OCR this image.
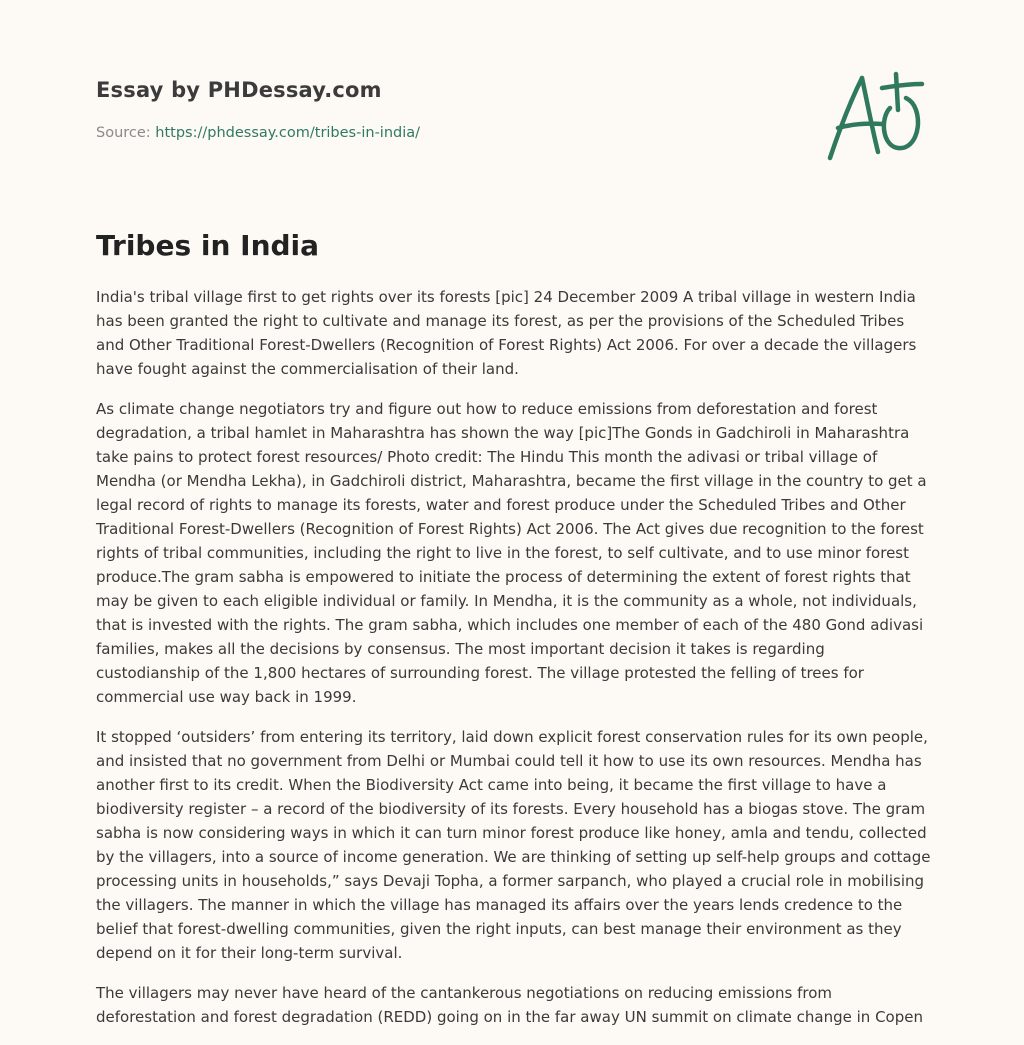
Essay by PHDessay.com
Source: https://phdessay.com/tribes-in-india/
Tribes in India

India's tribal village first to get rights over its forests [pic] 24 December 2009 A tribal village in western India has been granted the right to cultivate and manage its forest, as per the provisions of the Scheduled Tribes and Other Traditional Forest-Dwellers (Recognition of Forest Rights) Act 2006. For over a decade the villagers have fought against the commercialisation of their land.

As climate change negotiators try and figure out how to reduce emissions from deforestation and forest degradation, a tribal hamlet in Maharashtra has shown the way [pic]The Gonds in Gadchiroli in Maharashtra take pains to protect forest resources/ Photo credit: The Hindu This month the adivasi or tribal village of Mendha (or Mendha Lekha), in Gadchiroli district, Maharashtra, became the first village in the country to get a legal record of rights to manage its forests, water and forest produce under the Scheduled Tribes and Other Traditional Forest-Dwellers (Recognition of Forest Rights) Act 2006. The Act gives due recognition to the forest rights of tribal communities, including the right to live in the forest, to self cultivate, and to use minor forest produce.The gram sabha is empowered to initiate the process of determining the extent of forest rights that may be given to each eligible individual or family. In Mendha, it is the community as a whole, not individuals, that is invested with the rights. The gram sabha, which includes one member of each of the 480 Gond adivasi families, makes all the decisions by consensus. The most important decision it takes is regarding custodianship of the 1,800 hectares of surrounding forest. The village protested the felling of trees for commercial use way back in 1999.

It stopped ‘outsiders’ from entering its territory, laid down explicit forest conservation rules for its own people, and insisted that no government from Delhi or Mumbai could tell it how to use its own resources. Mendha has another first to its credit. When the Biodiversity Act came into being, it became the first village to have a biodiversity register – a record of the biodiversity of its forests. Every household has a biogas stove. The gram sabha is now considering ways in which it can turn minor forest produce like honey, amla and tendu, collected by the villagers, into a source of income generation. We are thinking of setting up self-help groups and cottage processing units in households,” says Devaji Topha, a former sarpanch, who played a crucial role in mobilising the villagers. The manner in which the village has managed its affairs over the years lends credence to the belief that forest-dwelling communities, given the right inputs, can best manage their environment as they depend on it for their long-term survival.

The villagers may never have heard of the cantankerous negotiations on reducing emissions from deforestation and forest degradation (REDD) going on in the far away UN summit on climate change in Copen
